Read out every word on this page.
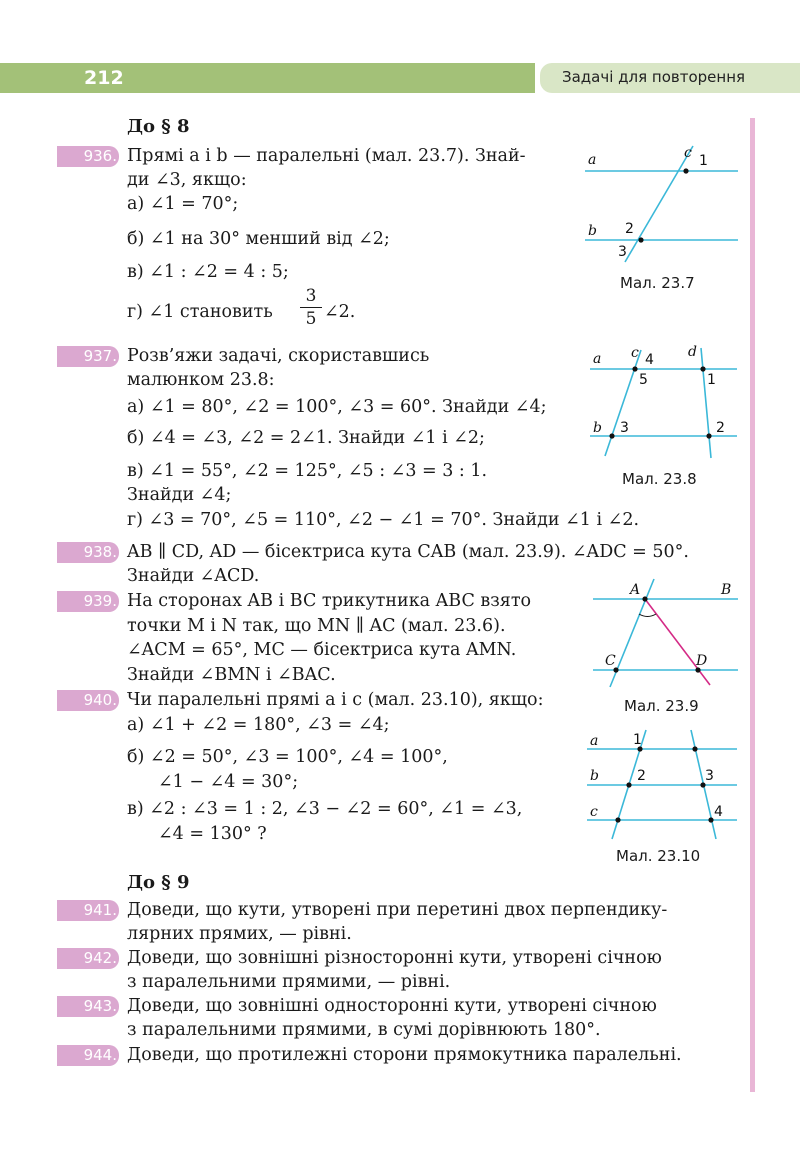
212	Задачі для повторення
До § 8
936. Прямі a і b — паралельні (мал. 23.7). Знай-
ди ∠3, якщо:
а) ∠1 = 70°;
б) ∠1 на 30° менший від ∠2;
в) ∠1 : ∠2 = 4 : 5;
г) ∠1 становить $\frac{3}{5}$ ∠2.
937. Розв’яжи задачі, скориставшись
малюнком 23.8:
а) ∠1 = 80°, ∠2 = 100°, ∠3 = 60°. Знайди ∠4;
б) ∠4 = ∠3, ∠2 = 2∠1. Знайди ∠1 і ∠2;
в) ∠1 = 55°, ∠2 = 125°, ∠5 : ∠3 = 3 : 1.
Знайди ∠4;
г) ∠3 = 70°, ∠5 = 110°, ∠2 − ∠1 = 70°. Знайди ∠1 і ∠2.
938. AB ∥ CD, AD — бісектриса кута CAB (мал. 23.9). ∠ADC = 50°.
Знайди ∠ACD.
939. На сторонах AB і BC трикутника ABC взято
точки M і N так, що MN ∥ AC (мал. 23.6).
∠ACM = 65°, MC — бісектриса кута AMN.
Знайди ∠BMN і ∠BAC.
940. Чи паралельні прямі a і c (мал. 23.10), якщо:
а) ∠1 + ∠2 = 180°, ∠3 = ∠4;
б) ∠2 = 50°, ∠3 = 100°, ∠4 = 100°,
∠1 − ∠4 = 30°;
в) ∠2 : ∠3 = 1 : 2, ∠3 − ∠2 = 60°, ∠1 = ∠3,
∠4 = 130° ?
До § 9
941. Доведи, що кути, утворені при перетині двох перпендику-
лярних прямих, — рівні.
942. Доведи, що зовнішні різносторонні кути, утворені січною
з паралельними прямими, — рівні.
943. Доведи, що зовнішні односторонні кути, утворені січною
з паралельними прямими, в сумі дорівнюють 180°.
944. Доведи, що протилежні сторони прямокутника паралельні.
a
b
c 1
2
3
Мал. 23.7
a
b
c	d
4
5	1
3	2
Мал. 23.8
A	B
C	D
Мал. 23.9
a
b
c
1
2	3
4
Мал. 23.10
